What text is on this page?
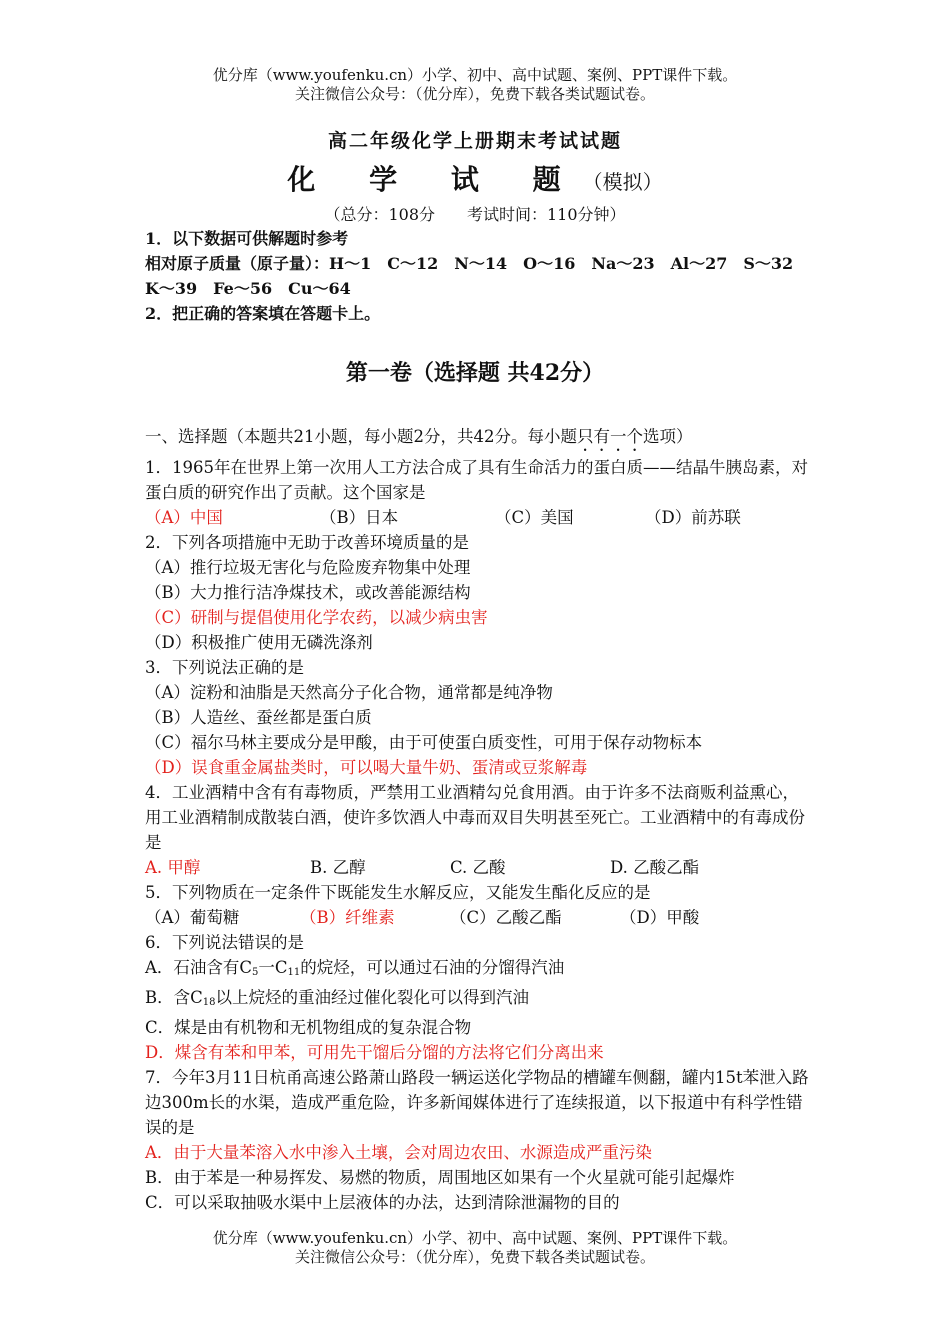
优分库（www.youfenku.cn）小学、初中、高中试题、案例、PPT课件下载。
关注微信公众号：（优分库），免费下载各类试题试卷。
高二年级化学上册期末考试试题
化 学 试 题（模拟）
（总分：108分　　考试时间：110分钟）
1．以下数据可供解题时参考
相对原子质量（原子量）：H～1　C～12　N～14　O～16　Na～23　Al～27　S～32　K～39　Fe～56　Cu～64
2．把正确的答案填在答题卡上。
第一卷（选择题 共42分）
一、选择题（本题共21小题，每小题2分，共42分。每小题只有一个选项）
1．1965年在世界上第一次用人工方法合成了具有生命活力的蛋白质——结晶牛胰岛素，对蛋白质的研究作出了贡献。这个国家是
（A）中国	（B）日本	（C）美国	（D）前苏联
2．下列各项措施中无助于改善环境质量的是
（A）推行垃圾无害化与危险废弃物集中处理
（B）大力推行洁净煤技术，或改善能源结构
（C）研制与提倡使用化学农药，以减少病虫害
（D）积极推广使用无磷洗涤剂
3．下列说法正确的是
（A）淀粉和油脂是天然高分子化合物，通常都是纯净物
（B）人造丝、蚕丝都是蛋白质
（C）福尔马林主要成分是甲酸，由于可使蛋白质变性，可用于保存动物标本
（D）误食重金属盐类时，可以喝大量牛奶、蛋清或豆浆解毒
4．工业酒精中含有有毒物质，严禁用工业酒精勾兑食用酒。由于许多不法商贩利益熏心，用工业酒精制成散装白酒，使许多饮酒人中毒而双目失明甚至死亡。工业酒精中的有毒成份是
A. 甲醇	B. 乙醇	C. 乙酸	D. 乙酸乙酯
5．下列物质在一定条件下既能发生水解反应，又能发生酯化反应的是
（A）葡萄糖	（B）纤维素	（C）乙酸乙酯	（D）甲酸
6．下列说法错误的是
A．石油含有$C_5$一$C_{11}$的烷烃，可以通过石油的分馏得汽油
B．含$C_{18}$以上烷烃的重油经过催化裂化可以得到汽油
C．煤是由有机物和无机物组成的复杂混合物
D．煤含有苯和甲苯，可用先干馏后分馏的方法将它们分离出来
7．今年3月11日杭甬高速公路萧山路段一辆运送化学物品的槽罐车侧翻，罐内15t苯泄入路边300m长的水渠，造成严重危险，许多新闻媒体进行了连续报道，以下报道中有科学性错误的是
A．由于大量苯溶入水中渗入土壤，会对周边农田、水源造成严重污染
B．由于苯是一种易挥发、易燃的物质，周围地区如果有一个火星就可能引起爆炸
C．可以采取抽吸水渠中上层液体的办法，达到清除泄漏物的目的
优分库（www.youfenku.cn）小学、初中、高中试题、案例、PPT课件下载。
关注微信公众号：（优分库），免费下载各类试题试卷。
